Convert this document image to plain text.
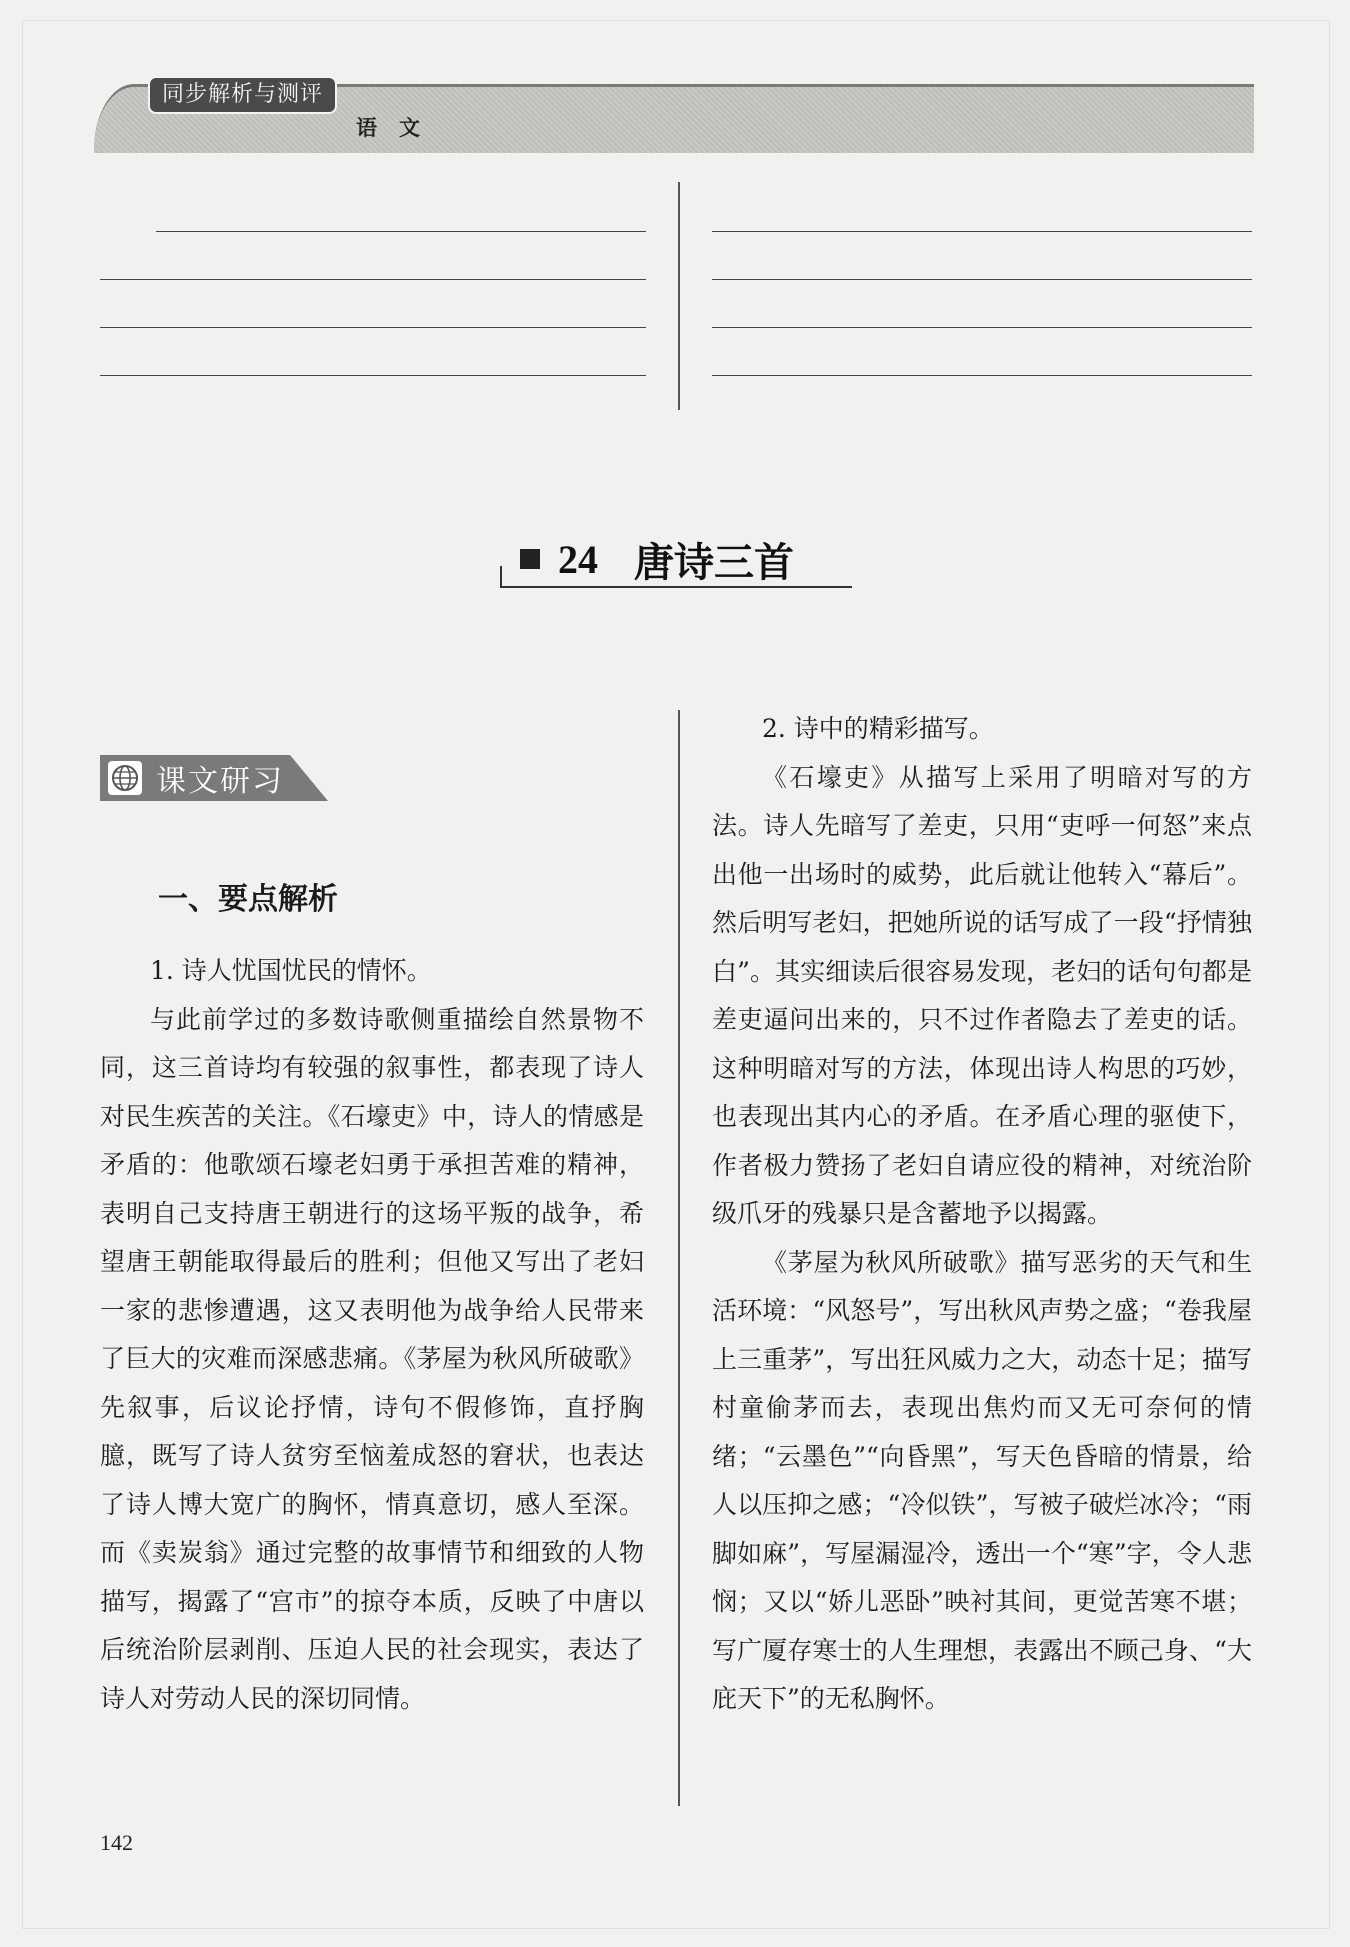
同步解析与测评
语文
24 唐诗三首
课文研习
一、要点解析

1. 诗人忧国忧民的情怀。

与此前学过的多数诗歌侧重描绘自然景物不同，这三首诗均有较强的叙事性，都表现了诗人对民生疾苦的关注。《石壕吏》中，诗人的情感是矛盾的：他歌颂石壕老妇勇于承担苦难的精神，表明自己支持唐王朝进行的这场平叛的战争，希望唐王朝能取得最后的胜利；但他又写出了老妇一家的悲惨遭遇，这又表明他为战争给人民带来了巨大的灾难而深感悲痛。《茅屋为秋风所破歌》先叙事，后议论抒情，诗句不假修饰，直抒胸臆，既写了诗人贫穷至恼羞成怒的窘状，也表达了诗人博大宽广的胸怀，情真意切，感人至深。而《卖炭翁》通过完整的故事情节和细致的人物描写，揭露了“宫市”的掠夺本质，反映了中唐以后统治阶层剥削、压迫人民的社会现实，表达了诗人对劳动人民的深切同情。

2. 诗中的精彩描写。

《石壕吏》从描写上采用了明暗对写的方法。诗人先暗写了差吏，只用“吏呼一何怒”来点出他一出场时的威势，此后就让他转入“幕后”。然后明写老妇，把她所说的话写成了一段“抒情独白”。其实细读后很容易发现，老妇的话句句都是差吏逼问出来的，只不过作者隐去了差吏的话。这种明暗对写的方法，体现出诗人构思的巧妙，也表现出其内心的矛盾。在矛盾心理的驱使下，作者极力赞扬了老妇自请应役的精神，对统治阶级爪牙的残暴只是含蓄地予以揭露。

《茅屋为秋风所破歌》描写恶劣的天气和生活环境：“风怒号”，写出秋风声势之盛；“卷我屋上三重茅”，写出狂风威力之大，动态十足；描写村童偷茅而去，表现出焦灼而又无可奈何的情绪；“云墨色”“向昏黑”，写天色昏暗的情景，给人以压抑之感；“冷似铁”，写被子破烂冰冷；“雨脚如麻”，写屋漏湿冷，透出一个“寒”字，令人悲悯；又以“娇儿恶卧”映衬其间，更觉苦寒不堪；写广厦存寒士的人生理想，表露出不顾己身、“大庇天下”的无私胸怀。

142
